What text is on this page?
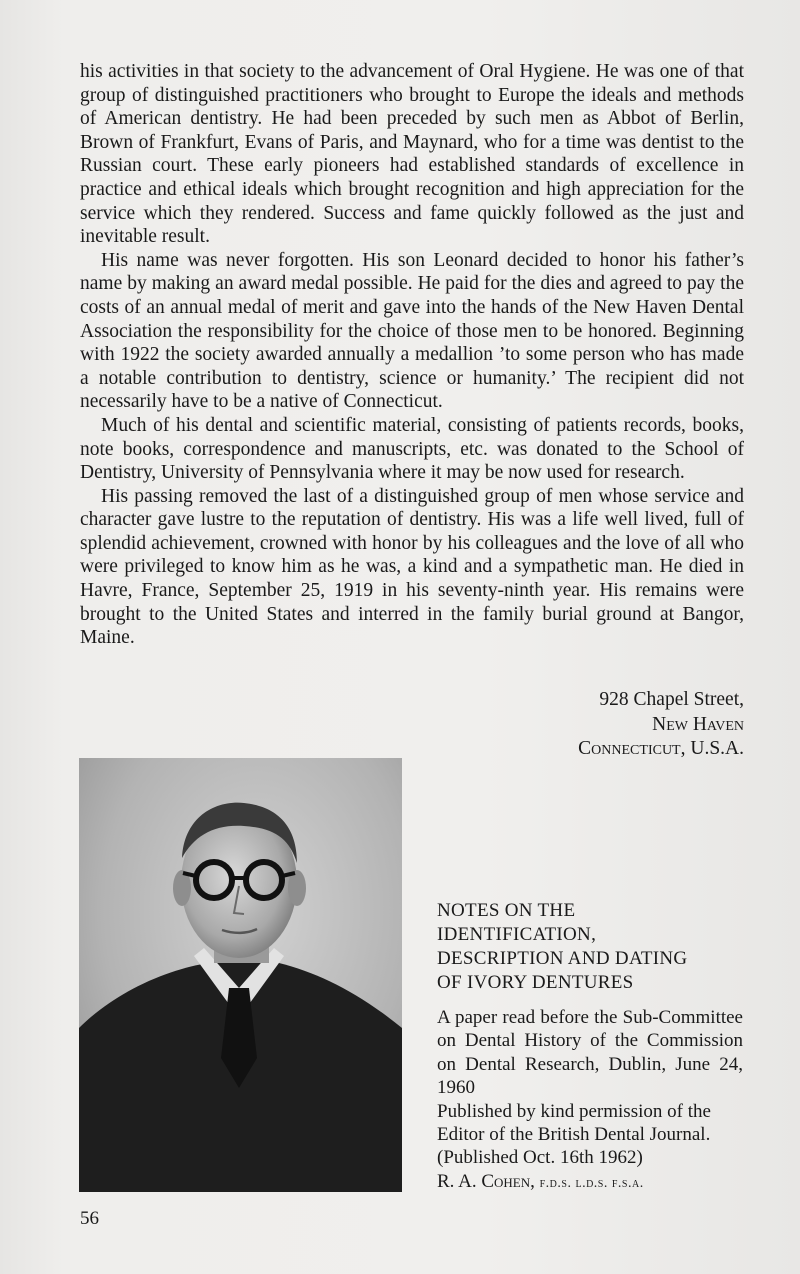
his activities in that society to the advancement of Oral Hygiene. He was one of that group of distinguished practitioners who brought to Europe the ideals and methods of American dentistry. He had been preceded by such men as Abbot of Berlin, Brown of Frankfurt, Evans of Paris, and Maynard, who for a time was dentist to the Russian court. These early pioneers had established standards of excellence in practice and ethical ideals which brought recognition and high appreciation for the service which they rendered. Success and fame quickly followed as the just and inevitable result.

His name was never forgotten. His son Leonard decided to honor his father’s name by making an award medal possible. He paid for the dies and agreed to pay the costs of an annual medal of merit and gave into the hands of the New Haven Dental Association the responsibility for the choice of those men to be honored. Beginning with 1922 the society awarded annually a medallion ’to some person who has made a notable contribution to dentistry, science or humanity.’ The recipient did not necessarily have to be a native of Connecticut.

Much of his dental and scientific material, consisting of patients records, books, note books, correspondence and manuscripts, etc. was donated to the School of Dentistry, University of Pennsylvania where it may be now used for research.

His passing removed the last of a distinguished group of men whose service and character gave lustre to the reputation of dentistry. His was a life well lived, full of splendid achievement, crowned with honor by his colleagues and the love of all who were privileged to know him as he was, a kind and a sympathetic man. He died in Havre, France, September 25, 1919 in his seventy-ninth year. His remains were brought to the United States and interred in the family burial ground at Bangor, Maine.

928 Chapel Street,
New Haven
Connecticut, U.S.A.
NOTES ON THE
IDENTIFICATION,
DESCRIPTION AND DATING
OF IVORY DENTURES
A paper read before the Sub-Committee on Dental History of the Commission on Dental Research, Dublin, June 24, 1960
Published by kind permission of the
Editor of the British Dental Journal.
(Published Oct. 16th 1962)
R. A. Cohen, f.d.s. l.d.s. f.s.a.
56
